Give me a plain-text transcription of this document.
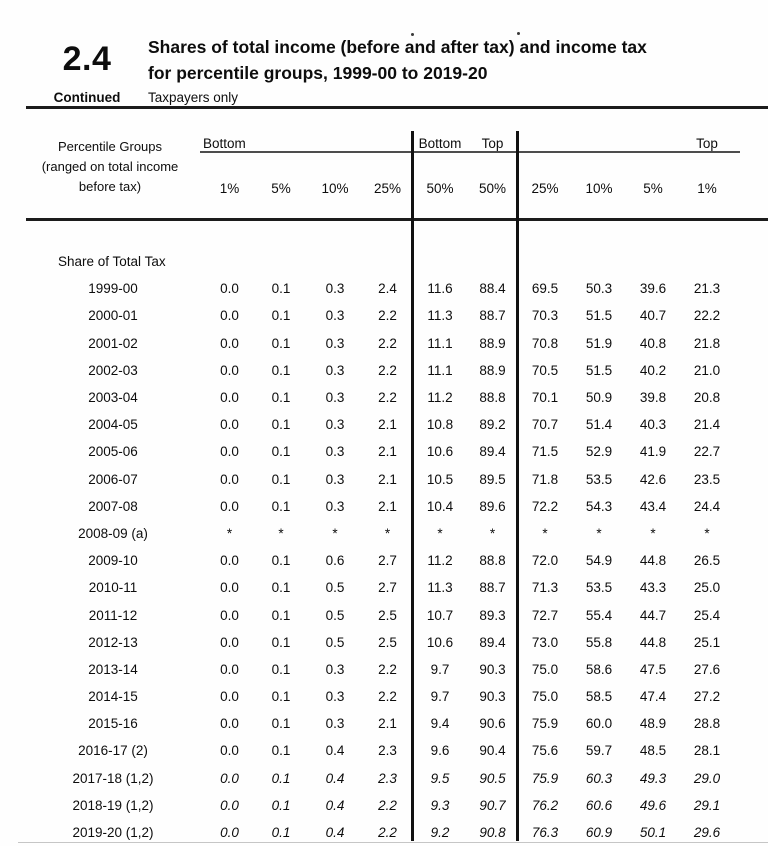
2.4
Continued
Shares of total income (before and after tax) and income tax
for percentile groups, 1999-00 to 2019-20
Taxpayers only
Percentile Groups
(ranged on total income
before tax)
Bottom	Bottom	Top	Top
1%	5%	10%	25%	50%	50%	25%	10%	5%	1%
Share of Total Tax
1999-00	0.0	0.1	0.3	2.4	11.6	88.4	69.5	50.3	39.6	21.3
2000-01	0.0	0.1	0.3	2.2	11.3	88.7	70.3	51.5	40.7	22.2
2001-02	0.0	0.1	0.3	2.2	11.1	88.9	70.8	51.9	40.8	21.8
2002-03	0.0	0.1	0.3	2.2	11.1	88.9	70.5	51.5	40.2	21.0
2003-04	0.0	0.1	0.3	2.2	11.2	88.8	70.1	50.9	39.8	20.8
2004-05	0.0	0.1	0.3	2.1	10.8	89.2	70.7	51.4	40.3	21.4
2005-06	0.0	0.1	0.3	2.1	10.6	89.4	71.5	52.9	41.9	22.7
2006-07	0.0	0.1	0.3	2.1	10.5	89.5	71.8	53.5	42.6	23.5
2007-08	0.0	0.1	0.3	2.1	10.4	89.6	72.2	54.3	43.4	24.4
2008-09 (a)	*	*	*	*	*	*	*	*	*	*
2009-10	0.0	0.1	0.6	2.7	11.2	88.8	72.0	54.9	44.8	26.5
2010-11	0.0	0.1	0.5	2.7	11.3	88.7	71.3	53.5	43.3	25.0
2011-12	0.0	0.1	0.5	2.5	10.7	89.3	72.7	55.4	44.7	25.4
2012-13	0.0	0.1	0.5	2.5	10.6	89.4	73.0	55.8	44.8	25.1
2013-14	0.0	0.1	0.3	2.2	9.7	90.3	75.0	58.6	47.5	27.6
2014-15	0.0	0.1	0.3	2.2	9.7	90.3	75.0	58.5	47.4	27.2
2015-16	0.0	0.1	0.3	2.1	9.4	90.6	75.9	60.0	48.9	28.8
2016-17 (2)	0.0	0.1	0.4	2.3	9.6	90.4	75.6	59.7	48.5	28.1
2017-18 (1,2)	0.0	0.1	0.4	2.3	9.5	90.5	75.9	60.3	49.3	29.0
2018-19 (1,2)	0.0	0.1	0.4	2.2	9.3	90.7	76.2	60.6	49.6	29.1
2019-20 (1,2)	0.0	0.1	0.4	2.2	9.2	90.8	76.3	60.9	50.1	29.6
